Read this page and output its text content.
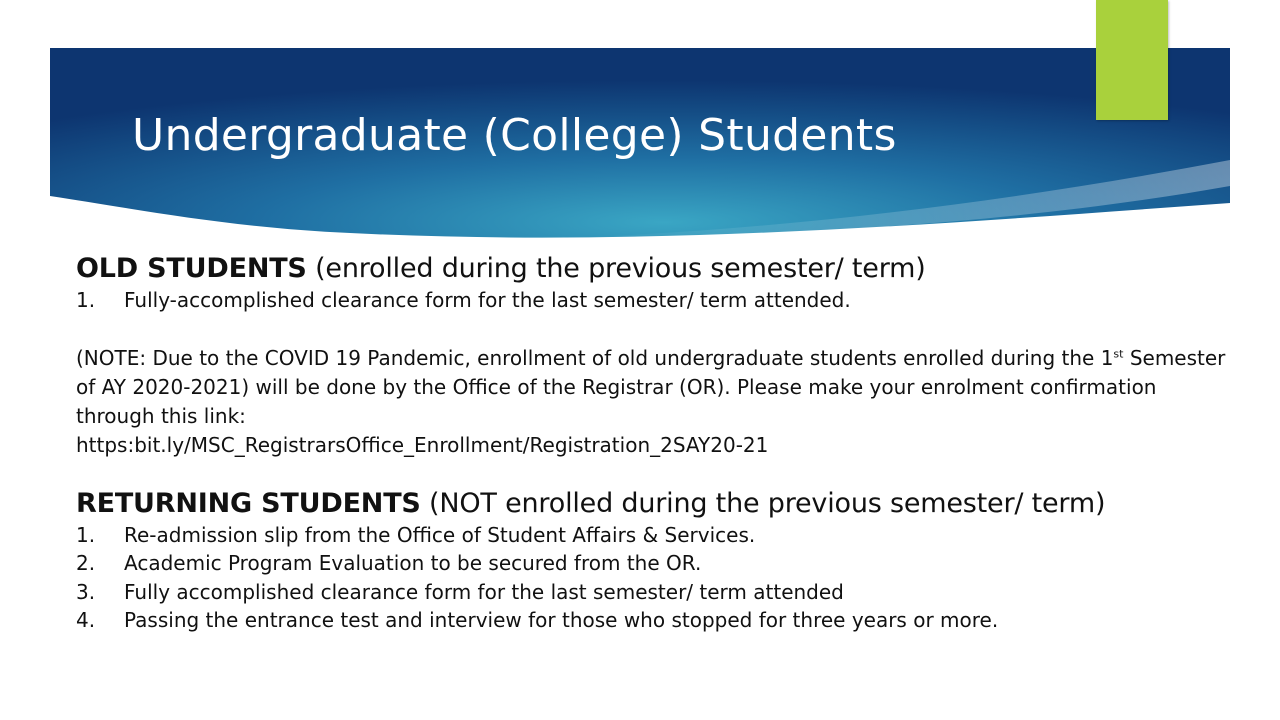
Undergraduate (College) Students
OLD STUDENTS (enrolled during the previous semester/ term)
1. Fully-accomplished clearance form for the last semester/ term attended.
(NOTE: Due to the COVID 19 Pandemic, enrollment of old undergraduate students enrolled during the 1st Semester of AY 2020-2021) will be done by the Office of the Registrar (OR). Please make your enrolment confirmation through this link:
https:bit.ly/MSC_RegistrarsOffice_Enrollment/Registration_2SAY20-21
RETURNING STUDENTS (NOT enrolled during the previous semester/ term)
1. Re-admission slip from the Office of Student Affairs & Services.
2. Academic Program Evaluation to be secured from the OR.
3. Fully accomplished clearance form for the last semester/ term attended
4. Passing the entrance test and interview for those who stopped for three years or more.
